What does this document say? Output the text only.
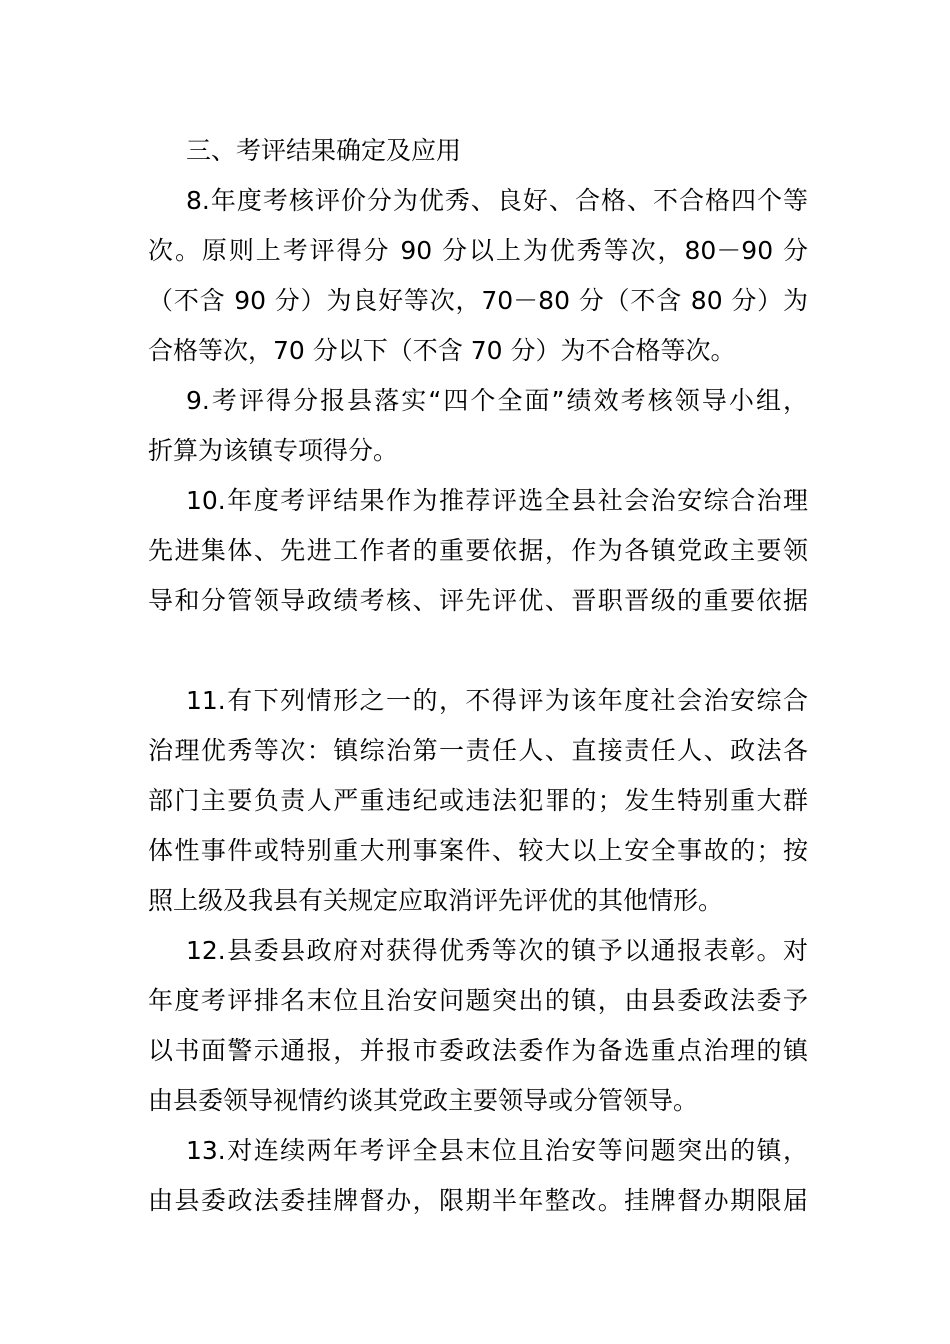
三、考评结果确定及应用
8.年度考核评价分为优秀、良好、合格、不合格四个等
次。原则上考评得分 90 分以上为优秀等次，80－90 分
（不含 90 分）为良好等次，70－80 分（不含 80 分）为
合格等次，70 分以下（不含 70 分）为不合格等次。
9.考评得分报县落实“四个全面”绩效考核领导小组，
折算为该镇专项得分。
10.年度考评结果作为推荐评选全县社会治安综合治理
先进集体、先进工作者的重要依据，作为各镇党政主要领
导和分管领导政绩考核、评先评优、晋职晋级的重要依据
11.有下列情形之一的，不得评为该年度社会治安综合
治理优秀等次：镇综治第一责任人、直接责任人、政法各
部门主要负责人严重违纪或违法犯罪的；发生特别重大群
体性事件或特别重大刑事案件、较大以上安全事故的；按
照上级及我县有关规定应取消评先评优的其他情形。
12.县委县政府对获得优秀等次的镇予以通报表彰。对
年度考评排名末位且治安问题突出的镇，由县委政法委予
以书面警示通报，并报市委政法委作为备选重点治理的镇
由县委领导视情约谈其党政主要领导或分管领导。
13.对连续两年考评全县末位且治安等问题突出的镇，
由县委政法委挂牌督办，限期半年整改。挂牌督办期限届
